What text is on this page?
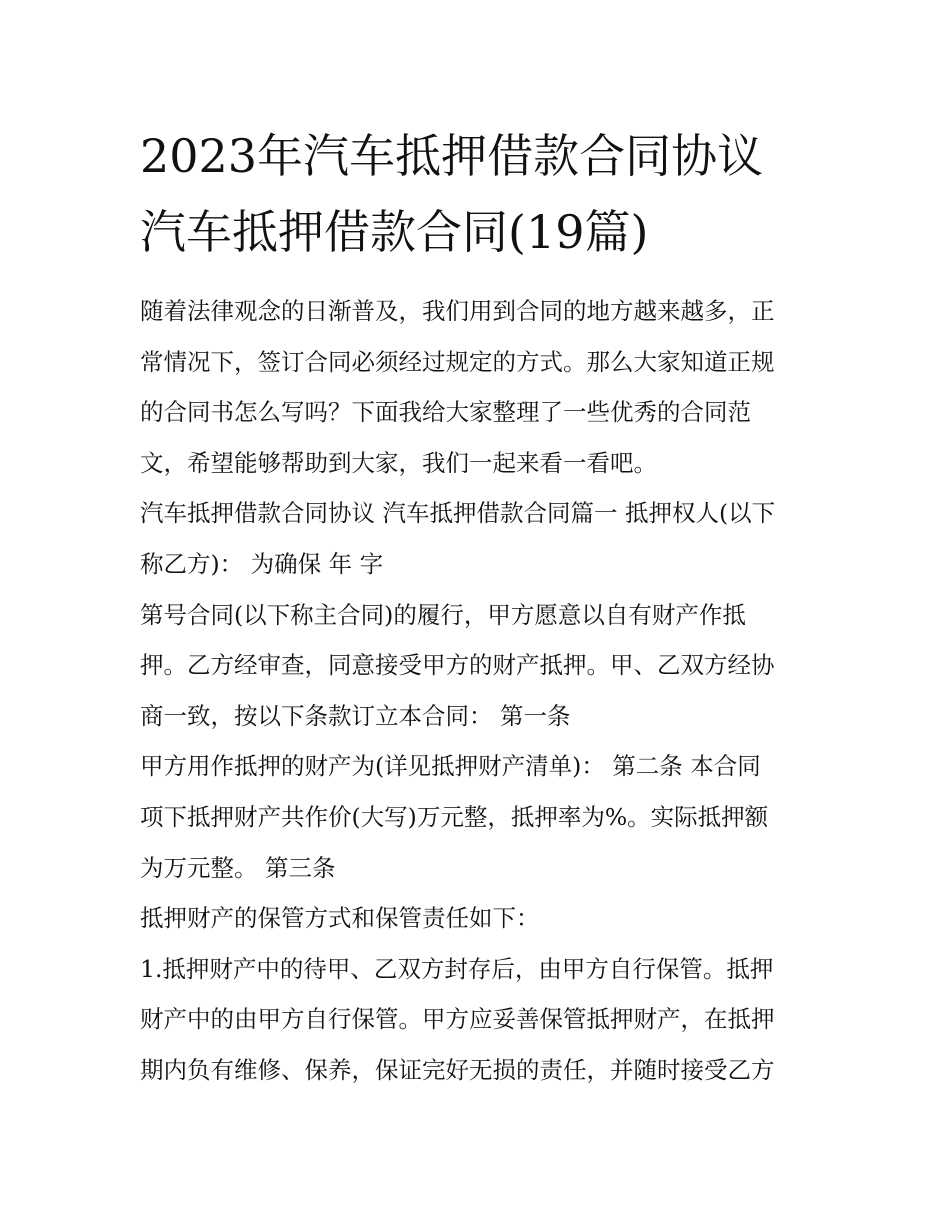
2023年汽车抵押借款合同协议
汽车抵押借款合同(19篇)
随着法律观念的日渐普及，我们用到合同的地方越来越多，正
常情况下，签订合同必须经过规定的方式。那么大家知道正规
的合同书怎么写吗？下面我给大家整理了一些优秀的合同范
文，希望能够帮助到大家，我们一起来看一看吧。
汽车抵押借款合同协议 汽车抵押借款合同篇一 抵押权人(以下
称乙方)： 为确保 年 字
第号合同(以下称主合同)的履行，甲方愿意以自有财产作抵
押。乙方经审查，同意接受甲方的财产抵押。甲、乙双方经协
商一致，按以下条款订立本合同： 第一条
甲方用作抵押的财产为(详见抵押财产清单)： 第二条 本合同
项下抵押财产共作价(大写)万元整，抵押率为%。实际抵押额
为万元整。 第三条
抵押财产的保管方式和保管责任如下：
1.抵押财产中的待甲、乙双方封存后，由甲方自行保管。抵押
财产中的由甲方自行保管。甲方应妥善保管抵押财产，在抵押
期内负有维修、保养，保证完好无损的责任，并随时接受乙方
